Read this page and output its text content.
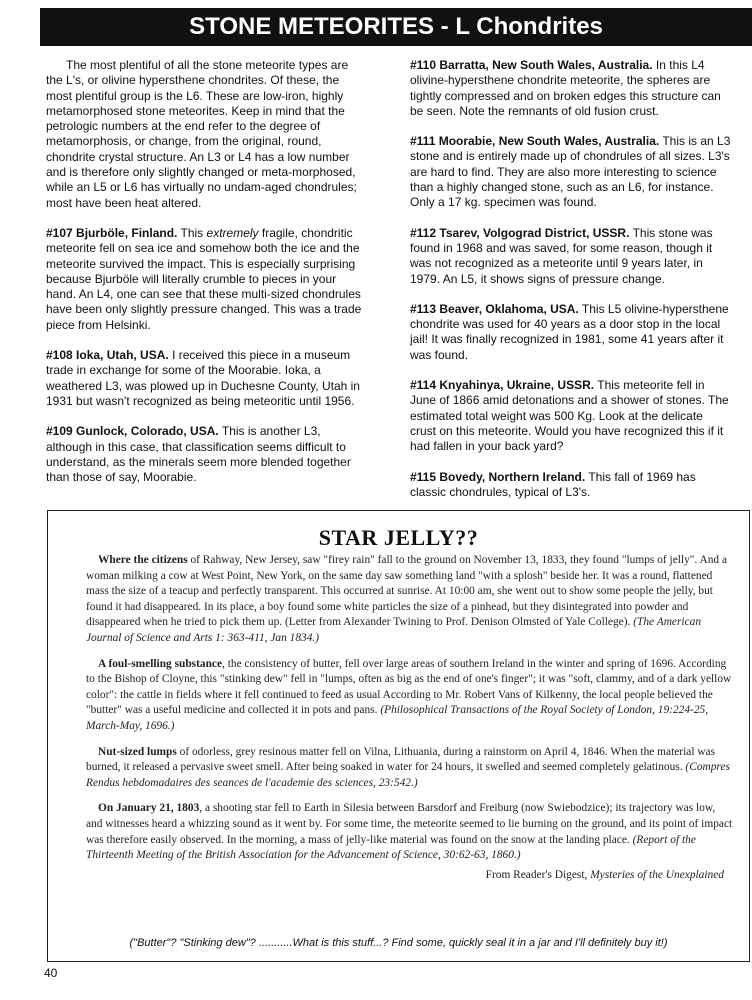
STONE METEORITES - L Chondrites

The most plentiful of all the stone meteorite types are the L's, or olivine hypersthene chondrites. Of these, the most plentiful group is the L6. These are low-iron, highly metamorphosed stone meteorites. Keep in mind that the petrologic numbers at the end refer to the degree of metamorphosis, or change, from the original, round, chondrite crystal structure. An L3 or L4 has a low number and is therefore only slightly changed or meta-morphosed, while an L5 or L6 has virtually no undam-aged chondrules; most have been heat altered.

#107 Bjurböle, Finland. This extremely fragile, chondritic meteorite fell on sea ice and somehow both the ice and the meteorite survived the impact. This is especially surprising because Bjurböle will literally crumble to pieces in your hand. An L4, one can see that these multi-sized chondrules have been only slightly pressure changed. This was a trade piece from Helsinki.

#108 Ioka, Utah, USA. I received this piece in a museum trade in exchange for some of the Moorabie. Ioka, a weathered L3, was plowed up in Duchesne County, Utah in 1931 but wasn't recognized as being meteoritic until 1956.

#109 Gunlock, Colorado, USA. This is another L3, although in this case, that classification seems difficult to understand, as the minerals seem more blended together than those of say, Moorabie.

#110 Barratta, New South Wales, Australia. In this L4 olivine-hypersthene chondrite meteorite, the spheres are tightly compressed and on broken edges this structure can be seen. Note the remnants of old fusion crust.

#111 Moorabie, New South Wales, Australia. This is an L3 stone and is entirely made up of chondrules of all sizes. L3's are hard to find. They are also more interesting to science than a highly changed stone, such as an L6, for instance. Only a 17 kg. specimen was found.

#112 Tsarev, Volgograd District, USSR. This stone was found in 1968 and was saved, for some reason, though it was not recognized as a meteorite until 9 years later, in 1979. An L5, it shows signs of pressure change.

#113 Beaver, Oklahoma, USA. This L5 olivine-hypersthene chondrite was used for 40 years as a door stop in the local jail! It was finally recognized in 1981, some 41 years after it was found.

#114 Knyahinya, Ukraine, USSR. This meteorite fell in June of 1866 amid detonations and a shower of stones. The estimated total weight was 500 Kg. Look at the delicate crust on this meteorite. Would you have recognized this if it had fallen in your back yard?

#115 Bovedy, Northern Ireland. This fall of 1969 has classic chondrules, typical of L3's.

STAR JELLY??

Where the citizens of Rahway, New Jersey, saw "firey rain" fall to the ground on November 13, 1833, they found "lumps of jelly". And a woman milking a cow at West Point, New York, on the same day saw something land "with a splosh" beside her. It was a round, flattened mass the size of a teacup and perfectly transparent. This occurred at sunrise. At 10:00 am, she went out to show some people the jelly, but found it had disappeared. In its place, a boy found some white particles the size of a pinhead, but they disintegrated into powder and disappeared when he tried to pick them up. (Letter from Alexander Twining to Prof. Denison Olmsted of Yale College). (The American Journal of Science and Arts 1: 363-411, Jan 1834.)

A foul-smelling substance, the consistency of butter, fell over large areas of southern Ireland in the winter and spring of 1696. According to the Bishop of Cloyne, this "stinking dew" fell in "lumps, often as big as the end of one's finger"; it was "soft, clammy, and of a dark yellow color": the cattle in fields where it fell continued to feed as usual According to Mr. Robert Vans of Kilkenny, the local people believed the "butter" was a useful medicine and collected it in pots and pans. (Philosophical Transactions of the Royal Society of London, 19:224-25, March-May, 1696.)

Nut-sized lumps of odorless, grey resinous matter fell on Vilna, Lithuania, during a rainstorm on April 4, 1846. When the material was burned, it released a pervasive sweet smell. After being soaked in water for 24 hours, it swelled and seemed completely gelatinous. (Compres Rendus hebdomadaires des seances de l'academie des sciences, 23:542.)

On January 21, 1803, a shooting star fell to Earth in Silesia between Barsdorf and Freiburg (now Swiebodzice); its trajectory was low, and witnesses heard a whizzing sound as it went by. For some time, the meteorite seemed to lie burning on the ground, and its point of impact was therefore easily observed. In the morning, a mass of jelly-like material was found on the snow at the landing place. (Report of the Thirteenth Meeting of the British Association for the Advancement of Science, 30:62-63, 1860.)

From Reader's Digest, Mysteries of the Unexplained

("Butter"? "Stinking dew"? ...........What is this stuff...? Find some, quickly seal it in a jar and I'll definitely buy it!)
40
